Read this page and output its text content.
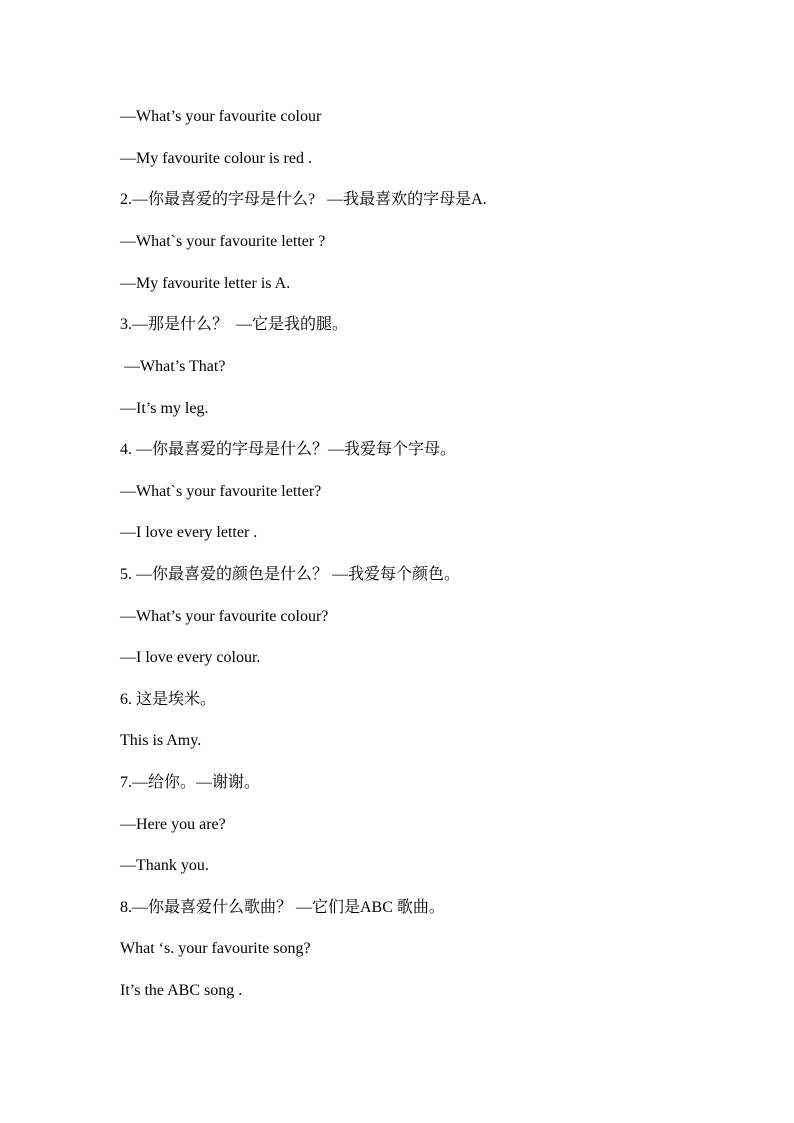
—What’s your favourite colour
—My favourite colour is red .
2.—你最喜爱的字母是什么?   —我最喜欢的字母是A.
—What`s your favourite letter ?
—My favourite letter is A.
3.—那是什么？  —它是我的腿。
—What’s That?
—It’s my leg.
4. —你最喜爱的字母是什么？—我爱每个字母。
—What`s your favourite letter?
—I love every letter .
5. —你最喜爱的颜色是什么？ —我爱每个颜色。
—What’s your favourite colour?
—I love every colour.
6. 这是埃米。
This is Amy.
7.—给你。—谢谢。
—Here you are?
—Thank you.
8.—你最喜爱什么歌曲？ —它们是ABC 歌曲。
What ‘s. your favourite song?
It’s the ABC song .
